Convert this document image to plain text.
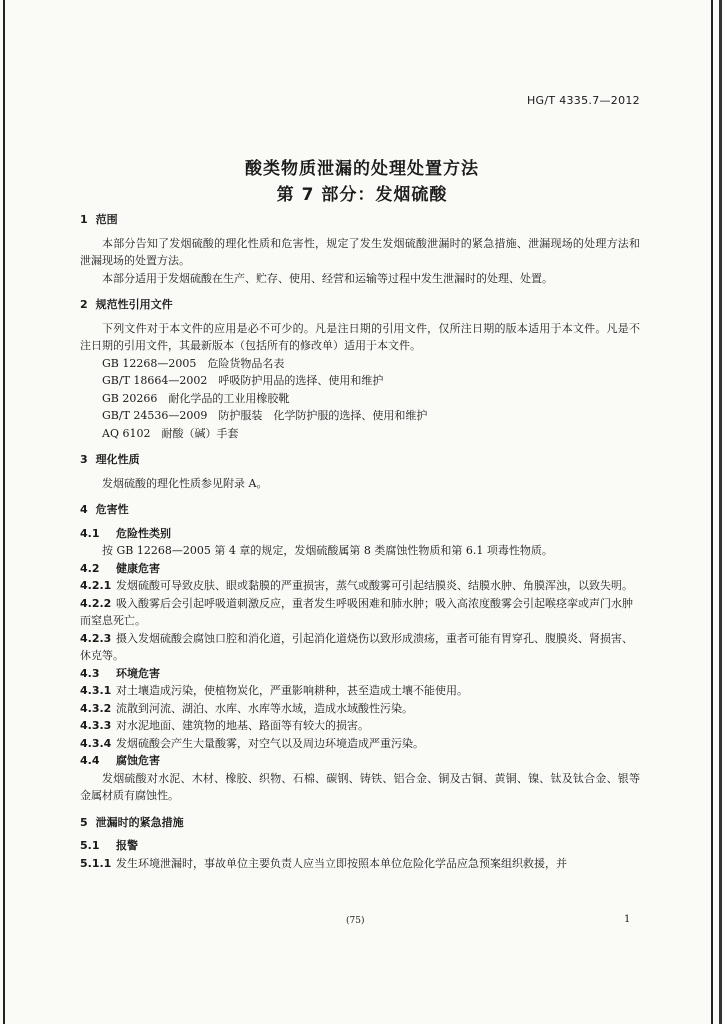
HG/T 4335.7—2012
酸类物质泄漏的处理处置方法
第 7 部分：发烟硫酸
1 范围
本部分告知了发烟硫酸的理化性质和危害性，规定了发生发烟硫酸泄漏时的紧急措施、泄漏现场的处理方法和泄漏现场的处置方法。
本部分适用于发烟硫酸在生产、贮存、使用、经营和运输等过程中发生泄漏时的处理、处置。
2 规范性引用文件
下列文件对于本文件的应用是必不可少的。凡是注日期的引用文件，仅所注日期的版本适用于本文件。凡是不注日期的引用文件，其最新版本（包括所有的修改单）适用于本文件。
GB 12268—2005　危险货物品名表
GB/T 18664—2002　呼吸防护用品的选择、使用和维护
GB 20266　耐化学品的工业用橡胶靴
GB/T 24536—2009　防护服装　化学防护服的选择、使用和维护
AQ 6102　耐酸（碱）手套
3 理化性质
发烟硫酸的理化性质参见附录 A。
4 危害性
4.1 危险性类别
按 GB 12268—2005 第 4 章的规定，发烟硫酸属第 8 类腐蚀性物质和第 6.1 项毒性物质。
4.2 健康危害
4.2.1 发烟硫酸可导致皮肤、眼或黏膜的严重损害，蒸气或酸雾可引起结膜炎、结膜水肿、角膜浑浊，以致失明。
4.2.2 吸入酸雾后会引起呼吸道刺激反应，重者发生呼吸困难和肺水肿；吸入高浓度酸雾会引起喉痉挛或声门水肿而窒息死亡。
4.2.3 摄入发烟硫酸会腐蚀口腔和消化道，引起消化道烧伤以致形成溃疡，重者可能有胃穿孔、腹膜炎、肾损害、休克等。
4.3 环境危害
4.3.1 对土壤造成污染，使植物炭化，严重影响耕种，甚至造成土壤不能使用。
4.3.2 流散到河流、湖泊、水库、水库等水域，造成水域酸性污染。
4.3.3 对水泥地面、建筑物的地基、路面等有较大的损害。
4.3.4 发烟硫酸会产生大量酸雾，对空气以及周边环境造成严重污染。
4.4 腐蚀危害
发烟硫酸对水泥、木材、橡胶、织物、石棉、碳钢、铸铁、铝合金、铜及古铜、黄铜、镍、钛及钛合金、银等金属材质有腐蚀性。
5 泄漏时的紧急措施
5.1 报警
5.1.1 发生环境泄漏时，事故单位主要负责人应当立即按照本单位危险化学品应急预案组织救援，并
(75)	1
